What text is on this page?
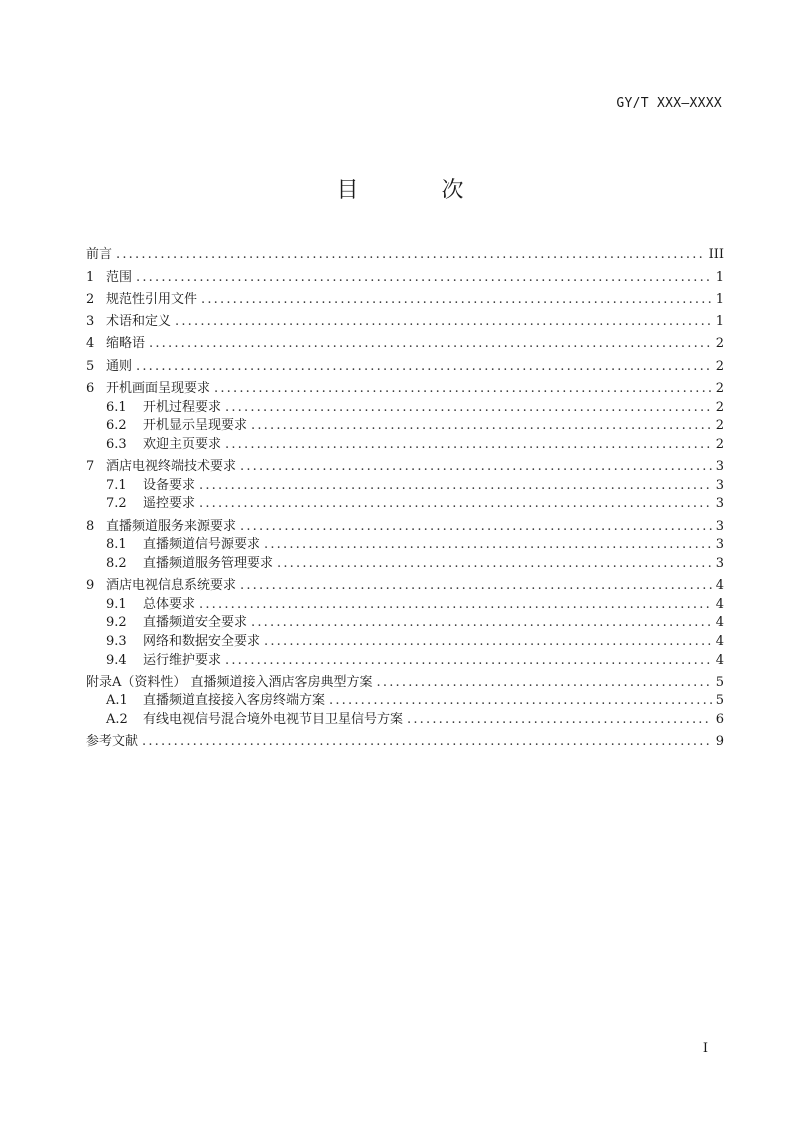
GY/T XXX—XXXX
目 次
前言 .....	III
1 范围 .....	1
2 规范性引用文件 .....	1
3 术语和定义 .....	1
4 缩略语 .....	2
5 通则 .....	2
6 开机画面呈现要求 .....	2
6.1	开机过程要求 .....	2
6.2	开机显示呈现要求 .....	2
6.3	欢迎主页要求 .....	2
7 酒店电视终端技术要求 .....	3
7.1	设备要求 .....	3
7.2	遥控要求 .....	3
8 直播频道服务来源要求 .....	3
8.1	直播频道信号源要求 .....	3
8.2	直播频道服务管理要求 .....	3
9 酒店电视信息系统要求 .....	4
9.1	总体要求 .....	4
9.2	直播频道安全要求 .....	4
9.3	网络和数据安全要求 .....	4
9.4	运行维护要求 .....	4
附录A（资料性） 直播频道接入酒店客房典型方案 .....	5
A.1	直播频道直接接入客房终端方案 .....	5
A.2	有线电视信号混合境外电视节目卫星信号方案 .....	6
参考文献 .....	9
I
